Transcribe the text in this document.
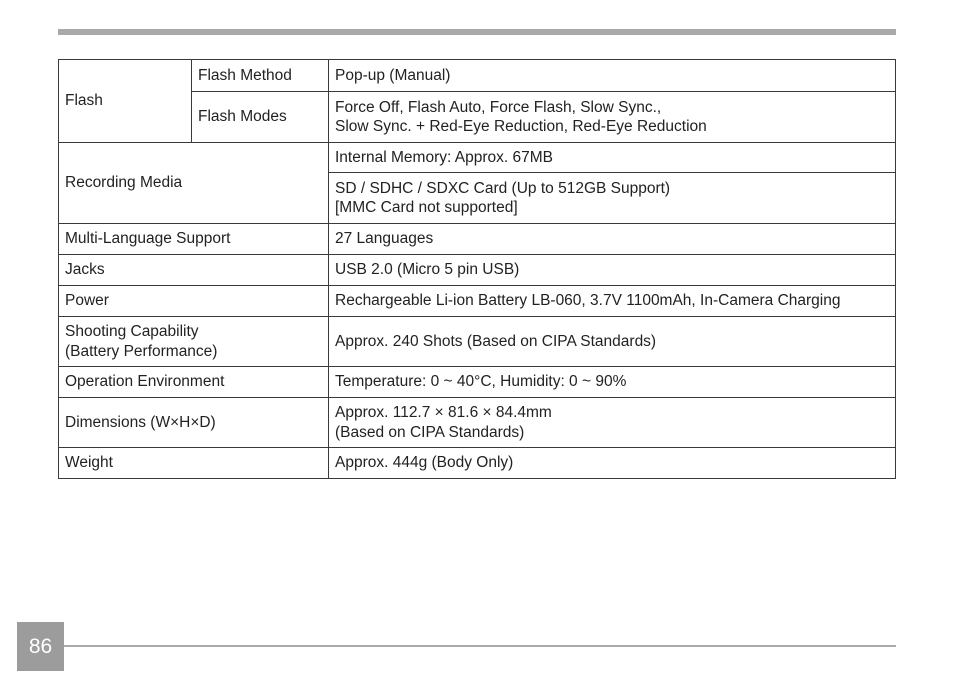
Flash	Flash Method	Pop-up (Manual)
	Flash Modes	Force Off, Flash Auto, Force Flash, Slow Sync.,
Slow Sync. + Red-Eye Reduction, Red-Eye Reduction

Recording Media		Internal Memory: Approx. 67MB

		SD / SDHC / SDXC Card (Up to 512GB Support)
[MMC Card not supported]

Multi-Language Support		27 Languages
Jacks		USB 2.0 (Micro 5 pin USB)
Power		Rechargeable Li-ion Battery LB-060, 3.7V 1100mAh, In-Camera Charging

Shooting Capability
(Battery Performance)		Approx. 240 Shots (Based on CIPA Standards)
Operation Environment		Temperature: 0 ~ 40°C, Humidity: 0 ~ 90%
Dimensions (W×H×D)		Approx. 112.7 × 81.6 × 84.4mm
(Based on CIPA Standards)

Weight		Approx. 444g (Body Only)
86
